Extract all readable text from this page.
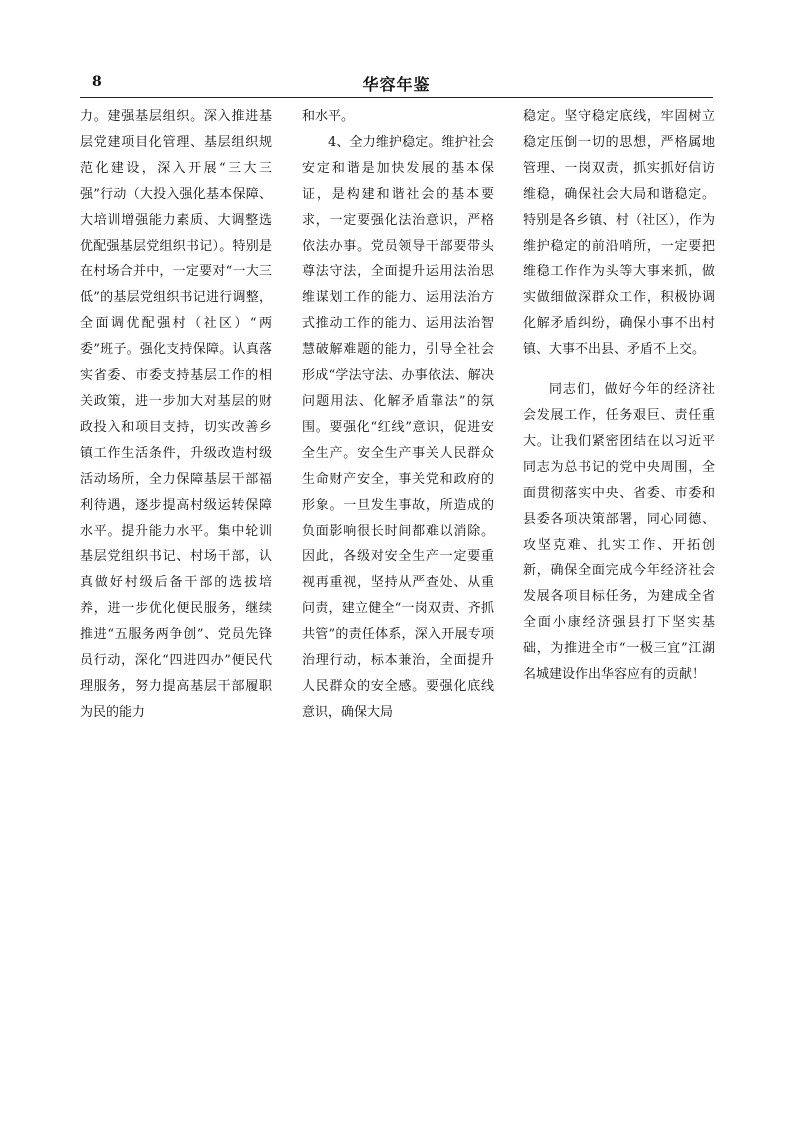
8	华容年鉴

力。建强基层组织。深入推进基层党建项目化管理、基层组织规范化建设，深入开展“三大三强”行动（大投入强化基本保障、大培训增强能力素质、大调整选优配强基层党组织书记）。特别是在村场合并中，一定要对“一大三低”的基层党组织书记进行调整，全面调优配强村（社区）“两委”班子。强化支持保障。认真落实省委、市委支持基层工作的相关政策，进一步加大对基层的财政投入和项目支持，切实改善乡镇工作生活条件，升级改造村级活动场所，全力保障基层干部福利待遇，逐步提高村级运转保障水平。提升能力水平。集中轮训基层党组织书记、村场干部，认真做好村级后备干部的选拔培养，进一步优化便民服务，继续推进“五服务两争创”、党员先锋员行动，深化“四进四办”便民代理服务，努力提高基层干部履职为民的能力

和水平。

4、全力维护稳定。维护社会安定和谐是加快发展的基本保证，是构建和谐社会的基本要求，一定要强化法治意识，严格依法办事。党员领导干部要带头尊法守法，全面提升运用法治思维谋划工作的能力、运用法治方式推动工作的能力、运用法治智慧破解难题的能力，引导全社会形成“学法守法、办事依法、解决问题用法、化解矛盾靠法”的氛围。要强化“红线”意识，促进安全生产。安全生产事关人民群众生命财产安全，事关党和政府的形象。一旦发生事故，所造成的负面影响很长时间都难以消除。因此，各级对安全生产一定要重视再重视，坚持从严查处、从重问责，建立健全“一岗双责、齐抓共管”的责任体系，深入开展专项治理行动，标本兼治，全面提升人民群众的安全感。要强化底线意识，确保大局

稳定。坚守稳定底线，牢固树立稳定压倒一切的思想，严格属地管理、一岗双责，抓实抓好信访维稳，确保社会大局和谐稳定。特别是各乡镇、村（社区），作为维护稳定的前沿哨所，一定要把维稳工作作为头等大事来抓，做实做细做深群众工作，积极协调化解矛盾纠纷，确保小事不出村镇、大事不出县、矛盾不上交。

同志们，做好今年的经济社会发展工作，任务艰巨、责任重大。让我们紧密团结在以习近平同志为总书记的党中央周围，全面贯彻落实中央、省委、市委和县委各项决策部署，同心同德、攻坚克难、扎实工作、开拓创新，确保全面完成今年经济社会发展各项目标任务，为建成全省全面小康经济强县打下坚实基础，为推进全市“一极三宜”江湖名城建设作出华容应有的贡献！
